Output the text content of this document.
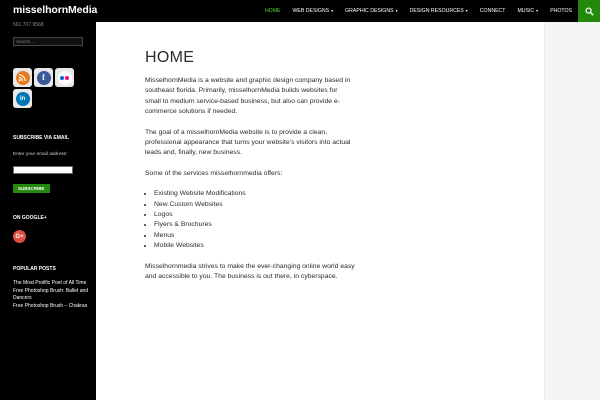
misselhornMedia	HOME	WEB DESIGNS ▾	GRAPHIC DESIGNS ▾	DESIGN RESOURCES ▾	CONNECT	MUSIC ▾	PHOTOS
561.707.9568
Search ...
f
in
SUBSCRIBE VIA EMAIL
Enter your email address:
SUBSCRIBE
ON GOOGLE+
G+
POPULAR POSTS
The Most Prolific Poet of All Time
Free Photoshop Brush: Ballet and Dancers
Free Photoshop Brush – Chakras
HOME

MisselhornMedia is a website and graphic design company based in southeast florida. Primarily, misselhornMedia builds websites for small to medium service-based business, but also can provide e-commerce solutions if needed.

The goal of a misselhornMedia website is to provide a clean, professional appearance that turns your website’s visitors into actual leads and, finally, new business.

Some of the services misselhornmedia offers:

• Existing Website Modifications
• New Custom Websites
• Logos
• Flyers & Brochures
• Menus
• Mobile Websites

Misselhornmedia strives to make the ever-changing online world easy and accessible to you. The business is out there, in cyberspace.
